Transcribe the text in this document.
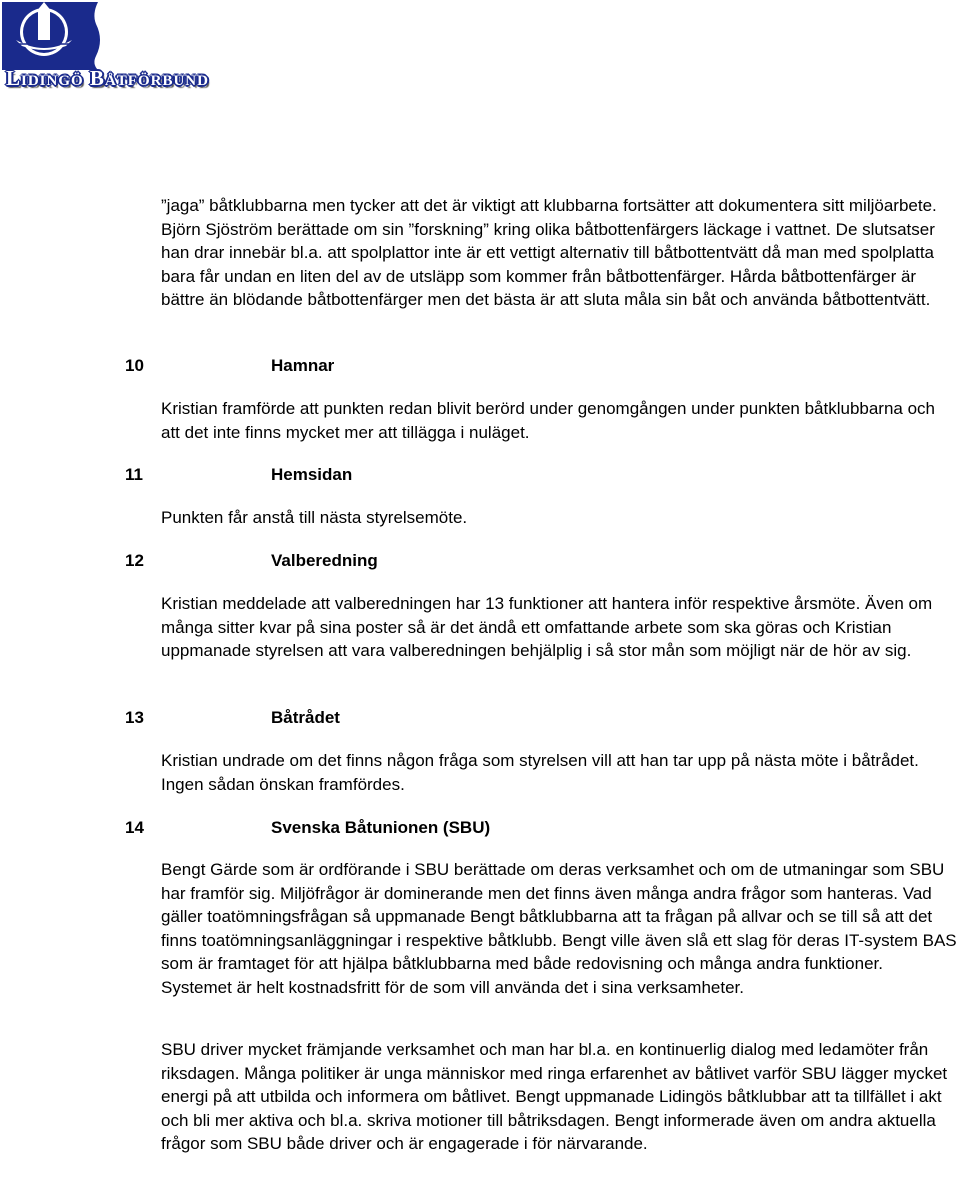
Lidingö Båtförbund

”jaga” båtklubbarna men tycker att det är viktigt att klubbarna fortsätter att dokumentera sitt miljöarbete. Björn Sjöström berättade om sin ”forskning” kring olika båtbottenfärgers läckage i vattnet. De slutsatser han drar innebär bl.a. att spolplattor inte är ett vettigt alternativ till båtbottentvätt då man med spolplatta bara får undan en liten del av de utsläpp som kommer från båtbottenfärger. Hårda båtbottenfärger är bättre än blödande båtbottenfärger men det bästa är att sluta måla sin båt och använda båtbottentvätt.

10	Hamnar

Kristian framförde att punkten redan blivit berörd under genomgången under punkten båtklubbarna och att det inte finns mycket mer att tillägga i nuläget.

11	Hemsidan

Punkten får anstå till nästa styrelsemöte.

12	Valberedning

Kristian meddelade att valberedningen har 13 funktioner att hantera inför respektive årsmöte. Även om många sitter kvar på sina poster så är det ändå ett omfattande arbete som ska göras och Kristian uppmanade styrelsen att vara valberedningen behjälplig i så stor mån som möjligt när de hör av sig.

13	Båtrådet

Kristian undrade om det finns någon fråga som styrelsen vill att han tar upp på nästa möte i båtrådet. Ingen sådan önskan framfördes.

14	Svenska Båtunionen (SBU)

Bengt Gärde som är ordförande i SBU berättade om deras verksamhet och om de utmaningar som SBU har framför sig. Miljöfrågor är dominerande men det finns även många andra frågor som hanteras. Vad gäller toatömningsfrågan så uppmanade Bengt båtklubbarna att ta frågan på allvar och se till så att det finns toatömningsanläggningar i respektive båtklubb. Bengt ville även slå ett slag för deras IT-system BAS som är framtaget för att hjälpa båtklubbarna med både redovisning och många andra funktioner. Systemet är helt kostnadsfritt för de som vill använda det i sina verksamheter.

SBU driver mycket främjande verksamhet och man har bl.a. en kontinuerlig dialog med ledamöter från riksdagen. Många politiker är unga människor med ringa erfarenhet av båtlivet varför SBU lägger mycket energi på att utbilda och informera om båtlivet. Bengt uppmanade Lidingös båtklubbar att ta tillfället i akt och bli mer aktiva och bl.a. skriva motioner till båtriksdagen. Bengt informerade även om andra aktuella frågor som SBU både driver och är engagerade i för närvarande.
